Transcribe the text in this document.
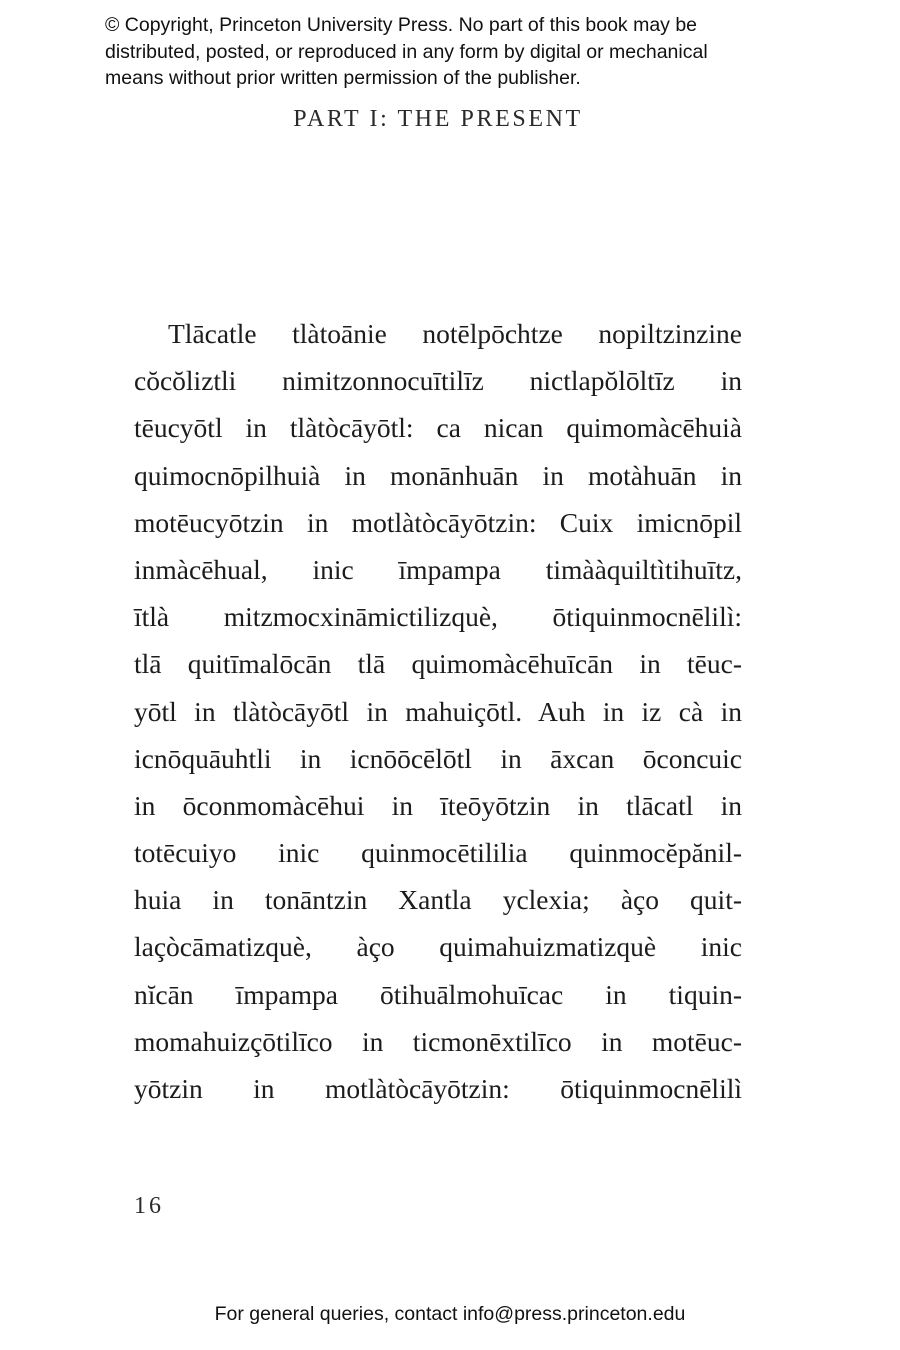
© Copyright, Princeton University Press. No part of this book may be
distributed, posted, or reproduced in any form by digital or mechanical
means without prior written permission of the publisher.
PART I: THE PRESENT
Tlācatle tlàtoānie notēlpōchtze nopiltzinzine
cŏcŏliztli nimitzonnocuītilīz nictlapŏlōltīz in
tēucyōtl in tlàtòcāyōtl: ca nican quimomàcēhuià
quimocnōpilhuià in monānhuān in motàhuān in
motēucyōtzin in motlàtòcāyōtzin: Cuix imicnōpil
inmàcēhual, inic īmpampa timààquiltìtihuītz,
ītlà mitzmocxināmictilizquè, ōtiquinmocnēlilì:
tlā quitīmalōcān tlā quimomàcēhuīcān in tēuc-
yōtl in tlàtòcāyōtl in mahuiçōtl. Auh in iz cà in
icnōquāuhtli in icnōōcēlōtl in āxcan ōconcuic
in ōconmomàcēhui in īteōyōtzin in tlācatl in
totēcuiyo inic quinmocētililia quinmocĕpănil-
huia in tonāntzin Xantla yclexia; àço quit-
laçòcāmatizquè, àço quimahuizmatizquè inic
nĭcān īmpampa ōtihuālmohuīcac in tiquin-
momahuizçōtilīco in ticmonēxtilīco in motēuc-
yōtzin in motlàtòcāyōtzin: ōtiquinmocnēlilì
16
For general queries, contact info@press.princeton.edu
